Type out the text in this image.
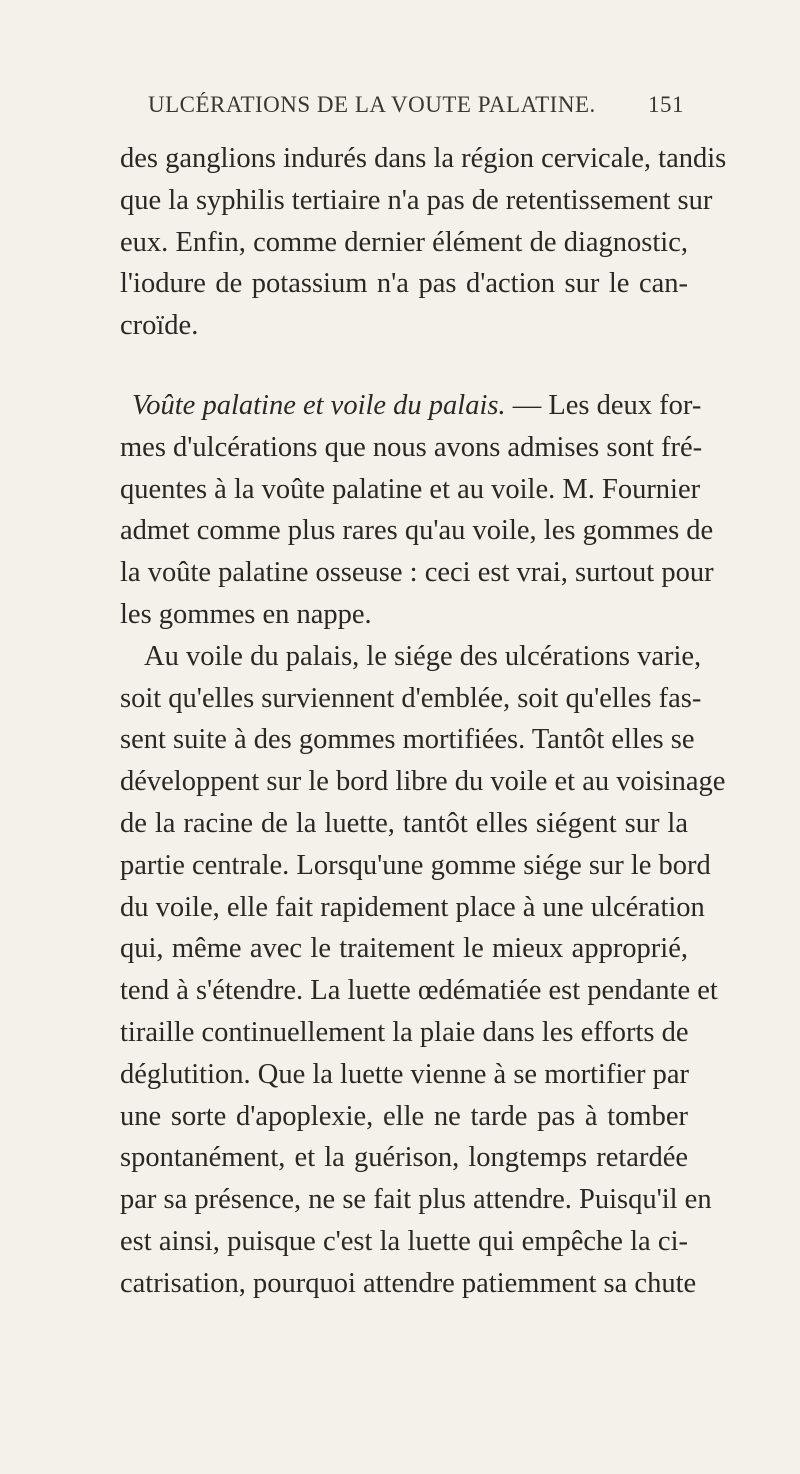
ULCÉRATIONS DE LA VOUTE PALATINE. 151
des ganglions indurés dans la région cervicale, tandis
que la syphilis tertiaire n'a pas de retentissement sur
eux. Enfin, comme dernier élément de diagnostic,
l'iodure de potassium n'a pas d'action sur le can-
croïde.
Voûte palatine et voile du palais. — Les deux for-
mes d'ulcérations que nous avons admises sont fré-
quentes à la voûte palatine et au voile. M. Fournier
admet comme plus rares qu'au voile, les gommes de
la voûte palatine osseuse : ceci est vrai, surtout pour
les gommes en nappe.
Au voile du palais, le siége des ulcérations varie,
soit qu'elles surviennent d'emblée, soit qu'elles fas-
sent suite à des gommes mortifiées. Tantôt elles se
développent sur le bord libre du voile et au voisinage
de la racine de la luette, tantôt elles siégent sur la
partie centrale. Lorsqu'une gomme siége sur le bord
du voile, elle fait rapidement place à une ulcération
qui, même avec le traitement le mieux approprié,
tend à s'étendre. La luette œdématiée est pendante et
tiraille continuellement la plaie dans les efforts de
déglutition. Que la luette vienne à se mortifier par
une sorte d'apoplexie, elle ne tarde pas à tomber
spontanément, et la guérison, longtemps retardée
par sa présence, ne se fait plus attendre. Puisqu'il en
est ainsi, puisque c'est la luette qui empêche la ci-
catrisation, pourquoi attendre patiemment sa chute
